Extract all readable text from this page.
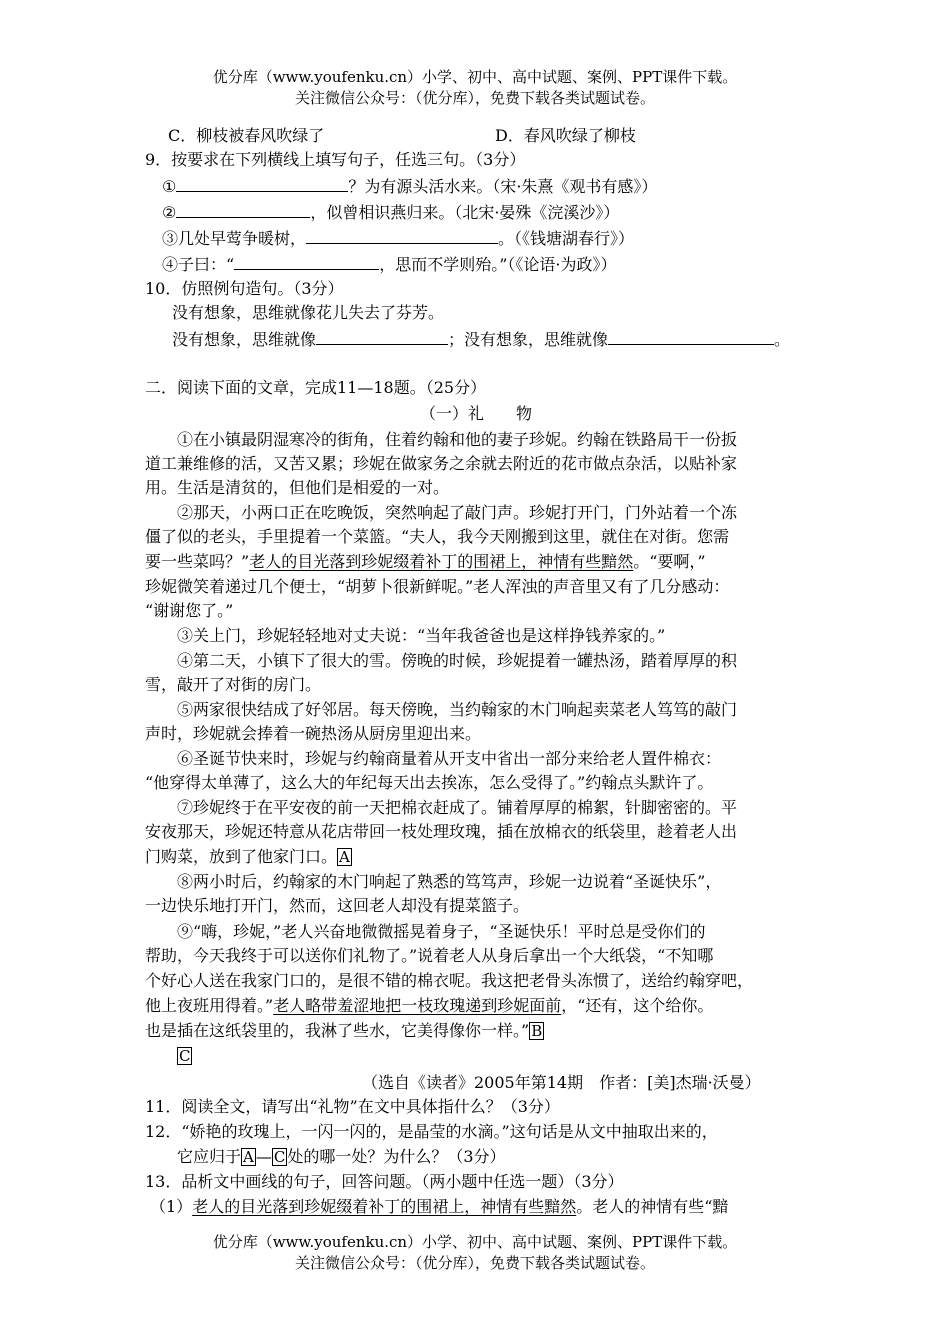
优分库（www.youfenku.cn）小学、初中、高中试题、案例、PPT课件下载。
关注微信公众号：（优分库），免费下载各类试题试卷。
C．柳枝被春风吹绿了	D．春风吹绿了柳枝
9．按要求在下列横线上填写句子，任选三句。（3分）
①	？为有源头活水来。（宋·朱熹《观书有感》）
②	，似曾相识燕归来。（北宋·晏殊《浣溪沙》）
③几处早莺争暖树，	。（《钱塘湖春行》）
④子曰：“	，思而不学则殆。”（《论语·为政》）
10．仿照例句造句。（3分）
没有想象，思维就像花儿失去了芬芳。
没有想象，思维就像	；没有想象，思维就像	。
二．阅读下面的文章，完成11—18题。（25分）
（一）礼　　物
①在小镇最阴湿寒冷的街角，住着约翰和他的妻子珍妮。约翰在铁路局干一份扳
道工兼维修的活，又苦又累；珍妮在做家务之余就去附近的花市做点杂活，以贴补家
用。生活是清贫的，但他们是相爱的一对。
②那天，小两口正在吃晚饭，突然响起了敲门声。珍妮打开门，门外站着一个冻
僵了似的老头，手里提着一个菜篮。“夫人，我今天刚搬到这里，就住在对街。您需
要一些菜吗？”老人的目光落到珍妮缀着补丁的围裙上，神情有些黯然。“要啊，”
珍妮微笑着递过几个便士，“胡萝卜很新鲜呢。”老人浑浊的声音里又有了几分感动：
“谢谢您了。”
③关上门，珍妮轻轻地对丈夫说：“当年我爸爸也是这样挣钱养家的。”
④第二天，小镇下了很大的雪。傍晚的时候，珍妮提着一罐热汤，踏着厚厚的积
雪，敲开了对街的房门。
⑤两家很快结成了好邻居。每天傍晚，当约翰家的木门响起卖菜老人笃笃的敲门
声时，珍妮就会捧着一碗热汤从厨房里迎出来。
⑥圣诞节快来时，珍妮与约翰商量着从开支中省出一部分来给老人置件棉衣：
“他穿得太单薄了，这么大的年纪每天出去挨冻，怎么受得了。”约翰点头默许了。
⑦珍妮终于在平安夜的前一天把棉衣赶成了。铺着厚厚的棉絮，针脚密密的。平
安夜那天，珍妮还特意从花店带回一枝处理玫瑰，插在放棉衣的纸袋里，趁着老人出
门购菜，放到了他家门口。 A
⑧两小时后，约翰家的木门响起了熟悉的笃笃声，珍妮一边说着“圣诞快乐”，
一边快乐地打开门，然而，这回老人却没有提菜篮子。
⑨“嗨，珍妮，”老人兴奋地微微摇晃着身子，“圣诞快乐！平时总是受你们的
帮助，今天我终于可以送你们礼物了。”说着老人从身后拿出一个大纸袋，“不知哪
个好心人送在我家门口的，是很不错的棉衣呢。我这把老骨头冻惯了，送给约翰穿吧，
他上夜班用得着。”老人略带羞涩地把一枝玫瑰递到珍妮面前，“还有，这个给你。
也是插在这纸袋里的，我淋了些水，它美得像你一样。” B
C
（选自《读者》2005年第14期　作者：[美]杰瑞·沃曼）
11．阅读全文，请写出“礼物”在文中具体指什么？（3分）
12．“娇艳的玫瑰上，一闪一闪的，是晶莹的水滴。”这句话是从文中抽取出来的，
它应归于 A — C 处的哪一处？为什么？（3分）
13．品析文中画线的句子，回答问题。（两小题中任选一题）（3分）
（1）老人的目光落到珍妮缀着补丁的围裙上，神情有些黯然。老人的神情有些“黯
优分库（www.youfenku.cn）小学、初中、高中试题、案例、PPT课件下载。
关注微信公众号：（优分库），免费下载各类试题试卷。
